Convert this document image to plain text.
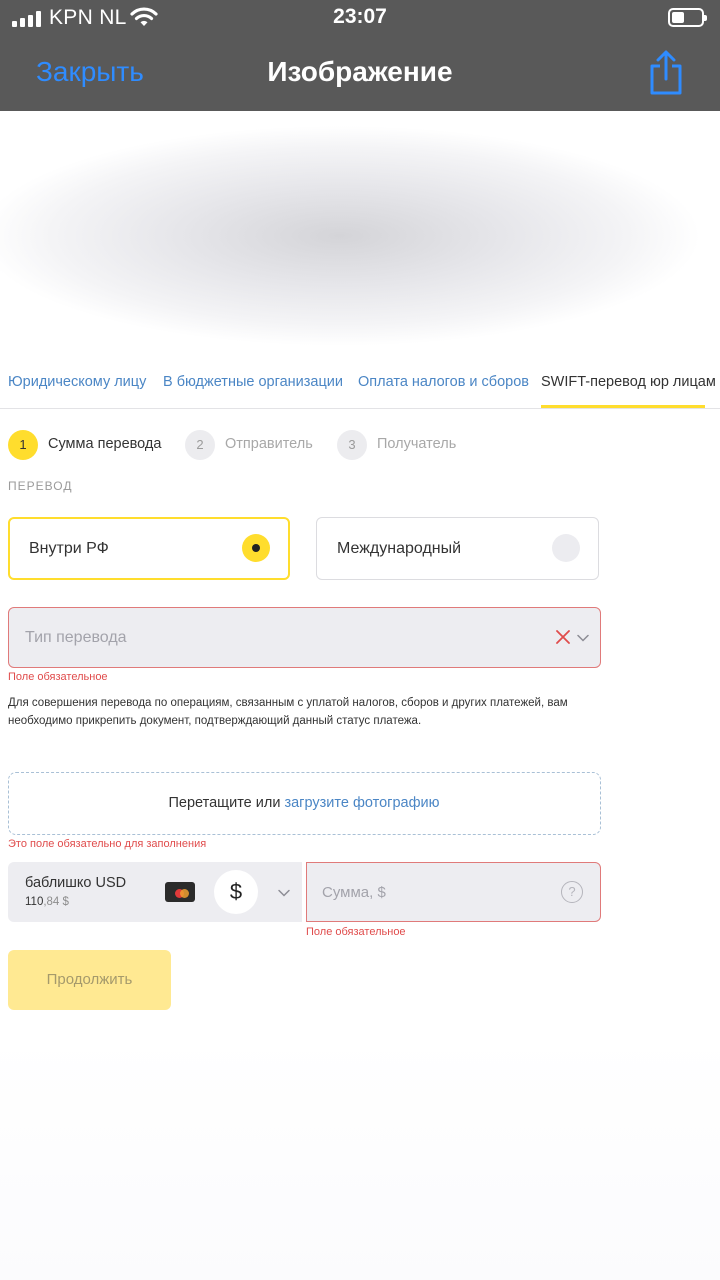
KPN NL	23:07
Закрыть	Изображение
Юридическому лицу В бюджетные организации Оплата налогов и сборов SWIFT-перевод юр лицам
1	Сумма перевода	2	Отправитель	3	Получатель
ПЕРЕВОД
Внутри РФ	Международный
Тип перевода
Поле обязательное

Для совершения перевода по операциям, связанным с уплатой налогов, сборов и других платежей, вам необходимо прикрепить документ, подтверждающий данный статус платежа.

Перетащите или загрузите фотографию
Это поле обязательно для заполнения
баблишко USD
110,84 $	$	Сумма, $	?
Поле обязательное
Продолжить
